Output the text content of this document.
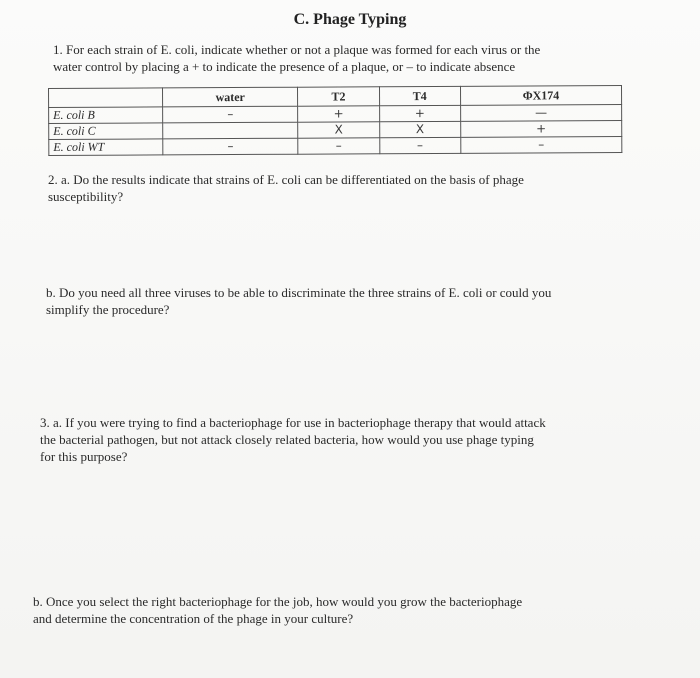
C. Phage Typing

1. For each strain of E. coli, indicate whether or not a plaque was formed for each virus or the

water control by placing a + to indicate the presence of a plaque, or – to indicate absence

	water	T2	T4	ΦX174
E. coli B	–	+	+	—
E. coli C		X	X	+
E. coli WT	–	–	–	–

2. a. Do the results indicate that strains of E. coli can be differentiated on the basis of phage

susceptibility?

b. Do you need all three viruses to be able to discriminate the three strains of E. coli or could you

simplify the procedure?

3. a. If you were trying to find a bacteriophage for use in bacteriophage therapy that would attack

the bacterial pathogen, but not attack closely related bacteria, how would you use phage typing

for this purpose?

b. Once you select the right bacteriophage for the job, how would you grow the bacteriophage

and determine the concentration of the phage in your culture?
